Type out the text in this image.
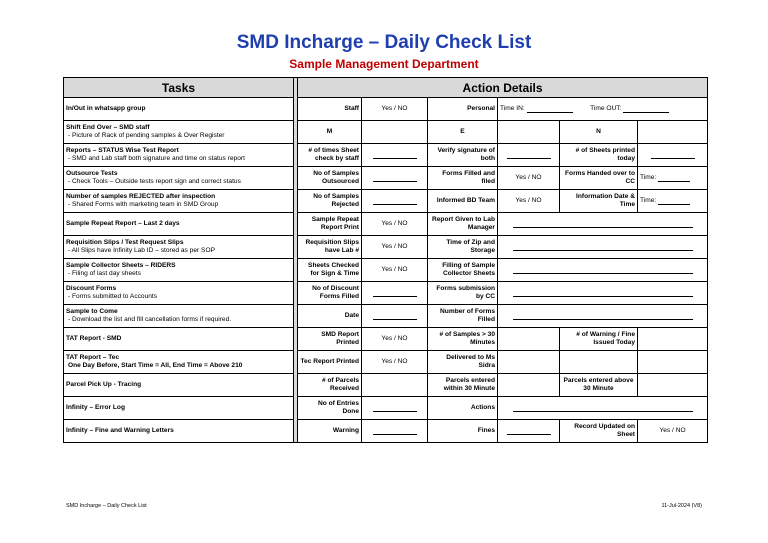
SMD Incharge – Daily Check List
Sample Management Department
Tasks		Action Details					
In/Out in whatsapp group		Staff	Yes / NO	Personal	Time IN: Time OUT:		

Shift End Over – SMD staff
- Picture of Rack of pending samples & Over Register		M		E		N	

Reports – STATUS Wise Test Report
- SMD and Lab staff both signature and time on status report		# of times Sheet check by staff		Verify signature of both		# of Sheets printed today	

Outsource Tests
- Check Tools – Outside tests report sign and correct status		No of Samples Outsourced		Forms Filled and filed	Yes / NO	Forms Handed over to CC	Time:

Number of samples REJECTED after inspection
- Shared Forms with marketing team in SMD Group		No of Samples Rejected		Informed BD Team	Yes / NO	Information Date & Time	Time:
Sample Repeat Report – Last 2 days		Sample Repeat Report Print	Yes / NO	Report Given to Lab Manager			

Requisition Slips / Test Request Slips
- All Slips have Infinity Lab ID – stored as per SOP		Requisition Slips have Lab #	Yes / NO	Time of Zip and Storage			

Sample Collector Sheets – RIDERS
- Filing of last day sheets		Sheets Checked for Sign & Time	Yes / NO	Filling of Sample Collector Sheets			

Discount Forms
- Forms submitted to Accounts		No of Discount Forms Filled		Forms submission by CC			

Sample to Come
- Download the list and fill cancellation forms if required.		Date		Number of Forms Filled			
TAT Report - SMD		SMD Report Printed	Yes / NO	# of Samples > 30 Minutes		# of Warning / Fine Issued Today	

TAT Report – Tec
One Day Before, Start Time = All, End Time = Above 210		Tec Report Printed	Yes / NO	Delivered to Ms Sidra			
Parcel Pick Up - Tracing		# of Parcels Received		Parcels entered within 30 Minute		Parcels entered above 30 Minute	
Infinity – Error Log		No of Entries Done		Actions			
Infinity – Fine and Warning Letters		Warning		Fines		Record Updated on Sheet	Yes / NO
SMD Incharge – Daily Check List	11-Jul-2024 (V8)
